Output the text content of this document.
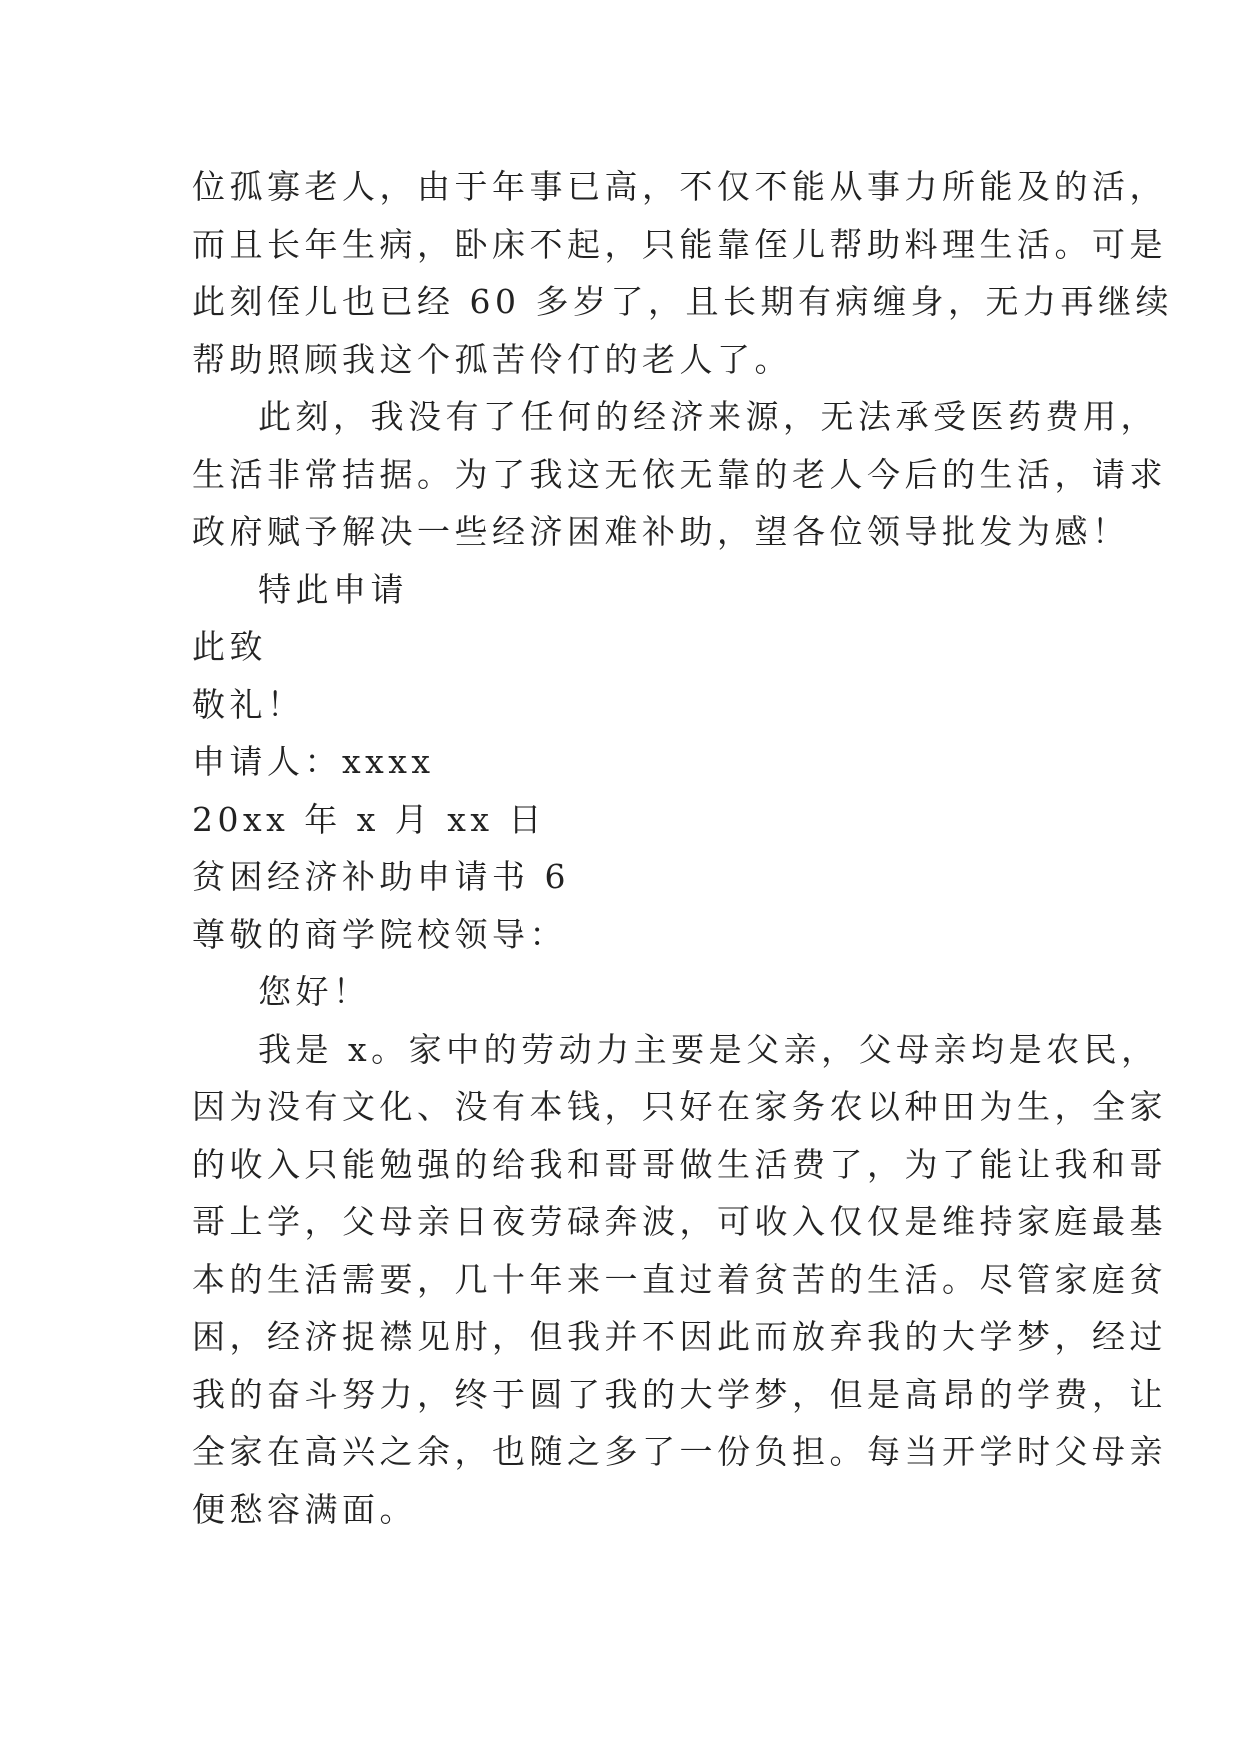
位孤寡老人，由于年事已高，不仅不能从事力所能及的活，
而且长年生病，卧床不起，只能靠侄儿帮助料理生活。可是
此刻侄儿也已经 60 多岁了，且长期有病缠身，无力再继续
帮助照顾我这个孤苦伶仃的老人了。
此刻，我没有了任何的经济来源，无法承受医药费用，
生活非常拮据。为了我这无依无靠的老人今后的生活，请求
政府赋予解决一些经济困难补助，望各位领导批发为感！
特此申请
此致
敬礼！
申请人：xxxx
20xx 年 x 月 xx 日
贫困经济补助申请书 6
尊敬的商学院校领导：
您好！
我是 x。家中的劳动力主要是父亲，父母亲均是农民，
因为没有文化、没有本钱，只好在家务农以种田为生，全家
的收入只能勉强的给我和哥哥做生活费了，为了能让我和哥
哥上学，父母亲日夜劳碌奔波，可收入仅仅是维持家庭最基
本的生活需要，几十年来一直过着贫苦的生活。尽管家庭贫
困，经济捉襟见肘，但我并不因此而放弃我的大学梦，经过
我的奋斗努力，终于圆了我的大学梦，但是高昂的学费，让
全家在高兴之余，也随之多了一份负担。每当开学时父母亲
便愁容满面。
